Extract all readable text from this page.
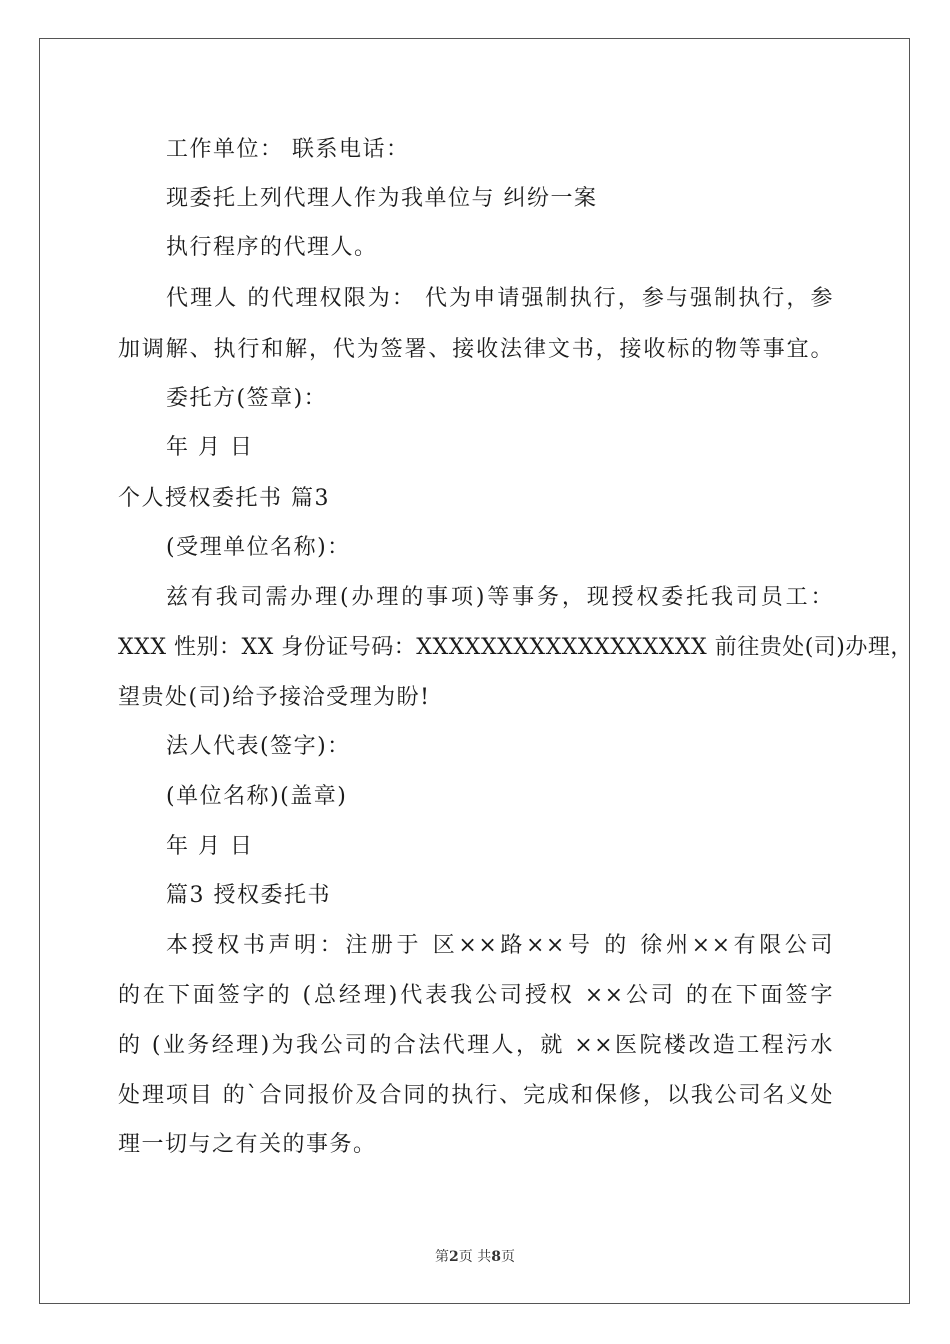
工作单位： 联系电话：
现委托上列代理人作为我单位与 纠纷一案
执行程序的代理人。
代理人 的代理权限为： 代为申请强制执行，参与强制执行，参
加调解、执行和解，代为签署、接收法律文书，接收标的物等事宜。
委托方(签章)：
年 月 日
个人授权委托书 篇3
(受理单位名称)：
兹有我司需办理(办理的事项)等事务，现授权委托我司员工：
XXX 性别：XX 身份证号码：XXXXXXXXXXXXXXXXXX 前往贵处(司)办理，
望贵处(司)给予接洽受理为盼!
法人代表(签字)：
(单位名称)(盖章)
年 月 日
篇3 授权委托书
本授权书声明：注册于 区××路××号 的 徐州××有限公司
的在下面签字的 (总经理)代表我公司授权 ××公司 的在下面签字
的 (业务经理)为我公司的合法代理人，就 ××医院楼改造工程污水
处理项目 的`合同报价及合同的执行、完成和保修，以我公司名义处
理一切与之有关的事务。
第2页 共8页
